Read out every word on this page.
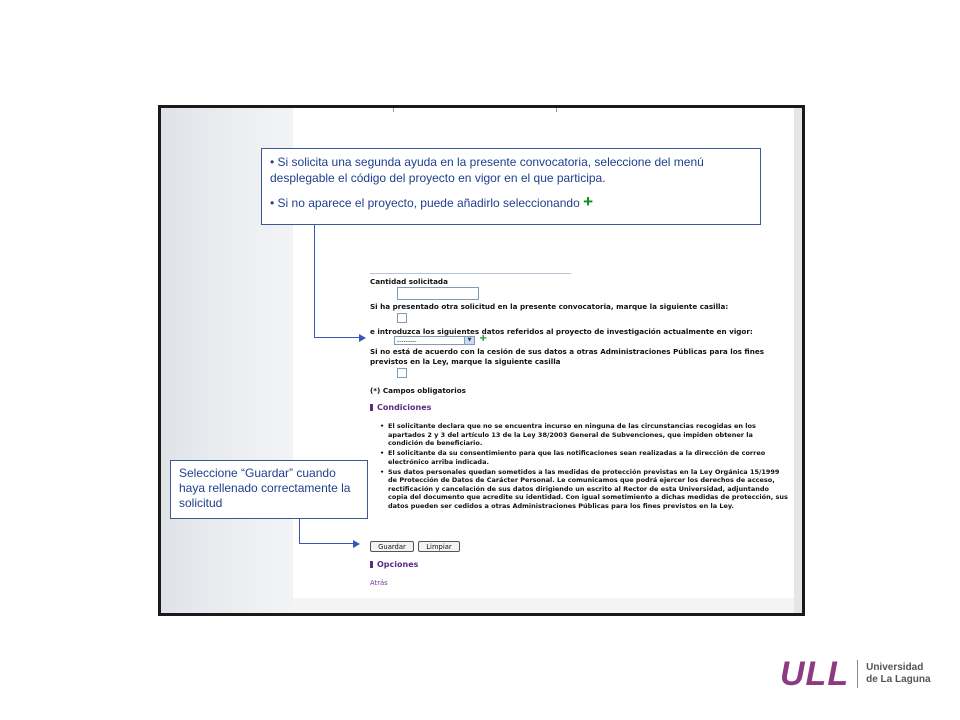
Cantidad solicitada
Si ha presentado otra solicitud en la presente convocatoria, marque la siguiente casilla:
e introduzca los siguientes datos referidos al proyecto de investigación actualmente en vigor:
---------	▼ +
Si no está de acuerdo con la cesión de sus datos a otras Administraciones Públicas para los fines
previstos en la Ley, marque la siguiente casilla
(*) Campos obligatorios
Condiciones
• El solicitante declara que no se encuentra incurso en ninguna de las circunstancias recogidas en los apartados 2 y 3 del artículo 13 de la Ley 38/2003 General de Subvenciones, que impiden obtener la condición de beneficiario.
• El solicitante da su consentimiento para que las notificaciones sean realizadas a la dirección de correo electrónico arriba indicada.
• Sus datos personales quedan sometidos a las medidas de protección previstas en la Ley Orgánica 15/1999 de Protección de Datos de Carácter Personal. Le comunicamos que podrá ejercer los derechos de acceso, rectificación y cancelación de sus datos dirigiendo un escrito al Rector de esta Universidad, adjuntando copia del documento que acredite su identidad. Con igual sometimiento a dichas medidas de protección, sus datos pueden ser cedidos a otras Administraciones Públicas para los fines previstos en la Ley.
Guardar	Limpiar
Opciones
Atrás

• Si solicita una segunda ayuda en la presente convocatoria, seleccione del menú desplegable el código del proyecto en vigor en el que participa.

• Si no aparece el proyecto, puede añadirlo seleccionando +

Seleccione “Guardar” cuando haya rellenado correctamente la solicitud
ULL Universidad
de La Laguna
